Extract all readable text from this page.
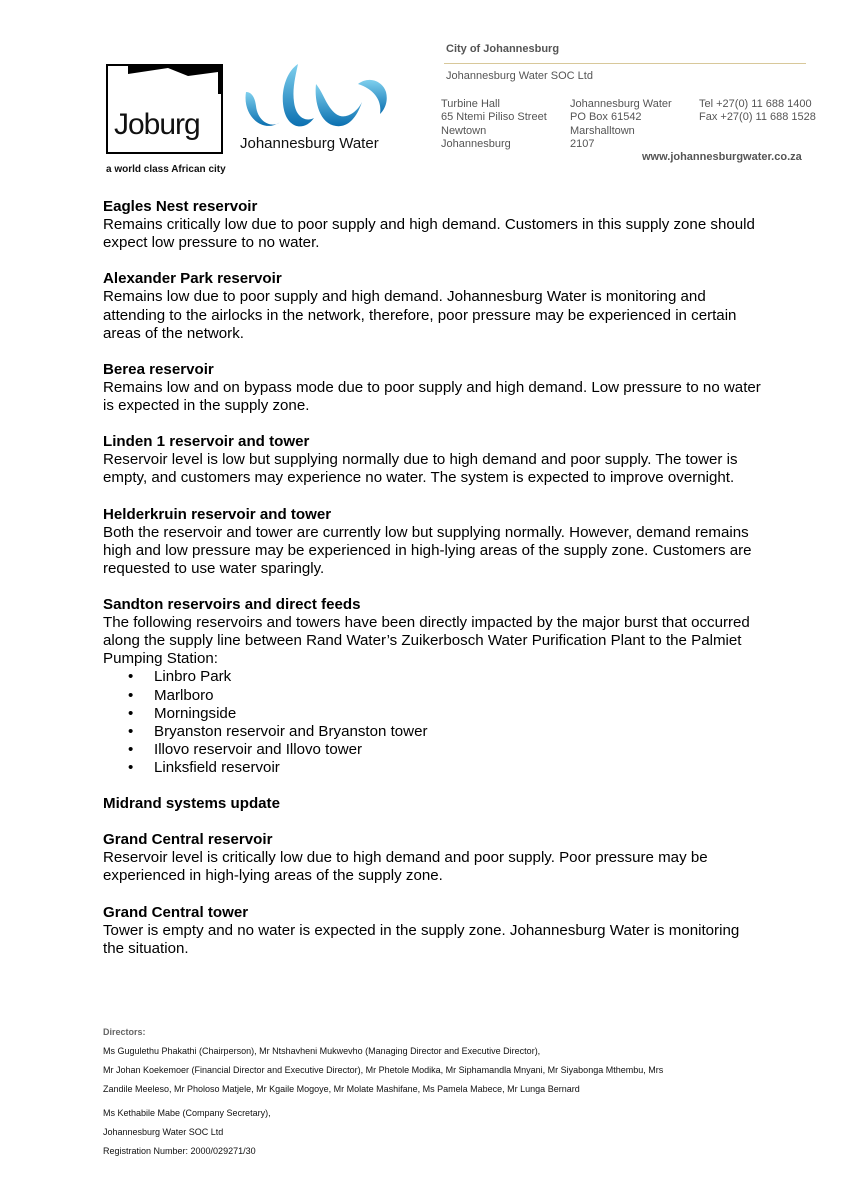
Joburg
a world class African city
Johannesburg Water
City of Johannesburg
Johannesburg Water SOC Ltd
Turbine Hall
65 Ntemi Piliso Street
Newtown
Johannesburg
Johannesburg Water
PO Box 61542
Marshalltown
2107
Tel +27(0) 11 688 1400
Fax +27(0) 11 688 1528
www.johannesburgwater.co.za
Eagles Nest reservoir

Remains critically low due to poor supply and high demand. Customers in this supply zone should expect low pressure to no water.

Alexander Park reservoir

Remains low due to poor supply and high demand. Johannesburg Water is monitoring and attending to the airlocks in the network, therefore, poor pressure may be experienced in certain areas of the network.

Berea reservoir

Remains low and on bypass mode due to poor supply and high demand. Low pressure to no water is expected in the supply zone.

Linden 1 reservoir and tower

Reservoir level is low but supplying normally due to high demand and poor supply. The tower is empty, and customers may experience no water. The system is expected to improve overnight.

Helderkruin reservoir and tower

Both the reservoir and tower are currently low but supplying normally. However, demand remains high and low pressure may be experienced in high-lying areas of the supply zone. Customers are requested to use water sparingly.

Sandton reservoirs and direct feeds

The following reservoirs and towers have been directly impacted by the major burst that occurred along the supply line between Rand Water’s Zuikerbosch Water Purification Plant to the Palmiet Pumping Station:

• Linbro Park
• Marlboro
• Morningside
• Bryanston reservoir and Bryanston tower
• Illovo reservoir and Illovo tower
• Linksfield reservoir
Midrand systems update
Grand Central reservoir

Reservoir level is critically low due to high demand and poor supply. Poor pressure may be experienced in high-lying areas of the supply zone.

Grand Central tower

Tower is empty and no water is expected in the supply zone. Johannesburg Water is monitoring the situation.

Directors:
Ms Gugulethu Phakathi (Chairperson), Mr Ntshavheni Mukwevho (Managing Director and Executive Director),
Mr Johan Koekemoer (Financial Director and Executive Director), Mr Phetole Modika, Mr Siphamandla Mnyani, Mr Siyabonga Mthembu, Mrs
Zandile Meeleso, Mr Pholoso Matjele, Mr Kgaile Mogoye, Mr Molate Mashifane, Ms Pamela Mabece, Mr Lunga Bernard
Ms Kethabile Mabe (Company Secretary),
Johannesburg Water SOC Ltd
Registration Number: 2000/029271/30
